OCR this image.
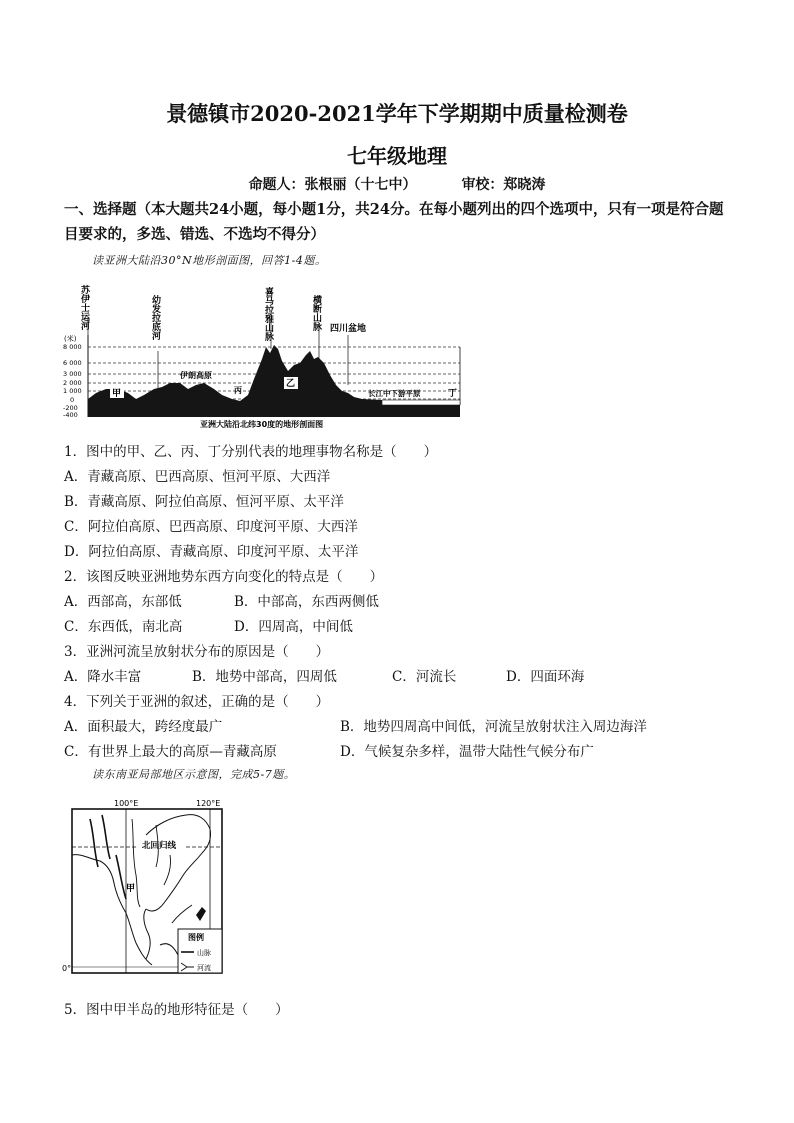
景德镇市2020-2021学年下学期期中质量检测卷
七年级地理
命题人：张根丽（十七中）	审校：郑晓涛
一、选择题（本大题共24小题，每小题1分，共24分。在每小题列出的四个选项中，只有一项是符合题目要求的，多选、错选、不选均不得分）
读亚洲大陆沿30°N地形剖面图，回答1-4题。
苏伊士运河	幼发拉底河	喜马拉雅山脉	横断山脉 四川盆地
(米)
8 000
6 000
3 000
2 000
1 000
0
-200
-400
甲
伊朗高原
丙
乙
长江中下游平原	丁
亚洲大陆沿北纬30度的地形剖面图
1．图中的甲、乙、丙、丁分别代表的地理事物名称是（　　）
A．青藏高原、巴西高原、恒河平原、大西洋
B．青藏高原、阿拉伯高原、恒河平原、太平洋
C．阿拉伯高原、巴西高原、印度河平原、大西洋
D．阿拉伯高原、青藏高原、印度河平原、太平洋
2．该图反映亚洲地势东西方向变化的特点是（　　）
A．西部高，东部低	B．中部高，东西两侧低
C．东西低，南北高	D．四周高，中间低
3．亚洲河流呈放射状分布的原因是（　　）
A．降水丰富	B．地势中部高，四周低	C．河流长	D．四面环海
4．下列关于亚洲的叙述，正确的是（　　）
A．面积最大，跨经度最广	B．地势四周高中间低，河流呈放射状注入周边海洋
C．有世界上最大的高原—青藏高原	D．气候复杂多样，温带大陆性气候分布广
读东南亚局部地区示意图，完成5-7题。
100°E	120°E
北回归线
甲
0°
图例
山脉
河流
5．图中甲半岛的地形特征是（　　）
